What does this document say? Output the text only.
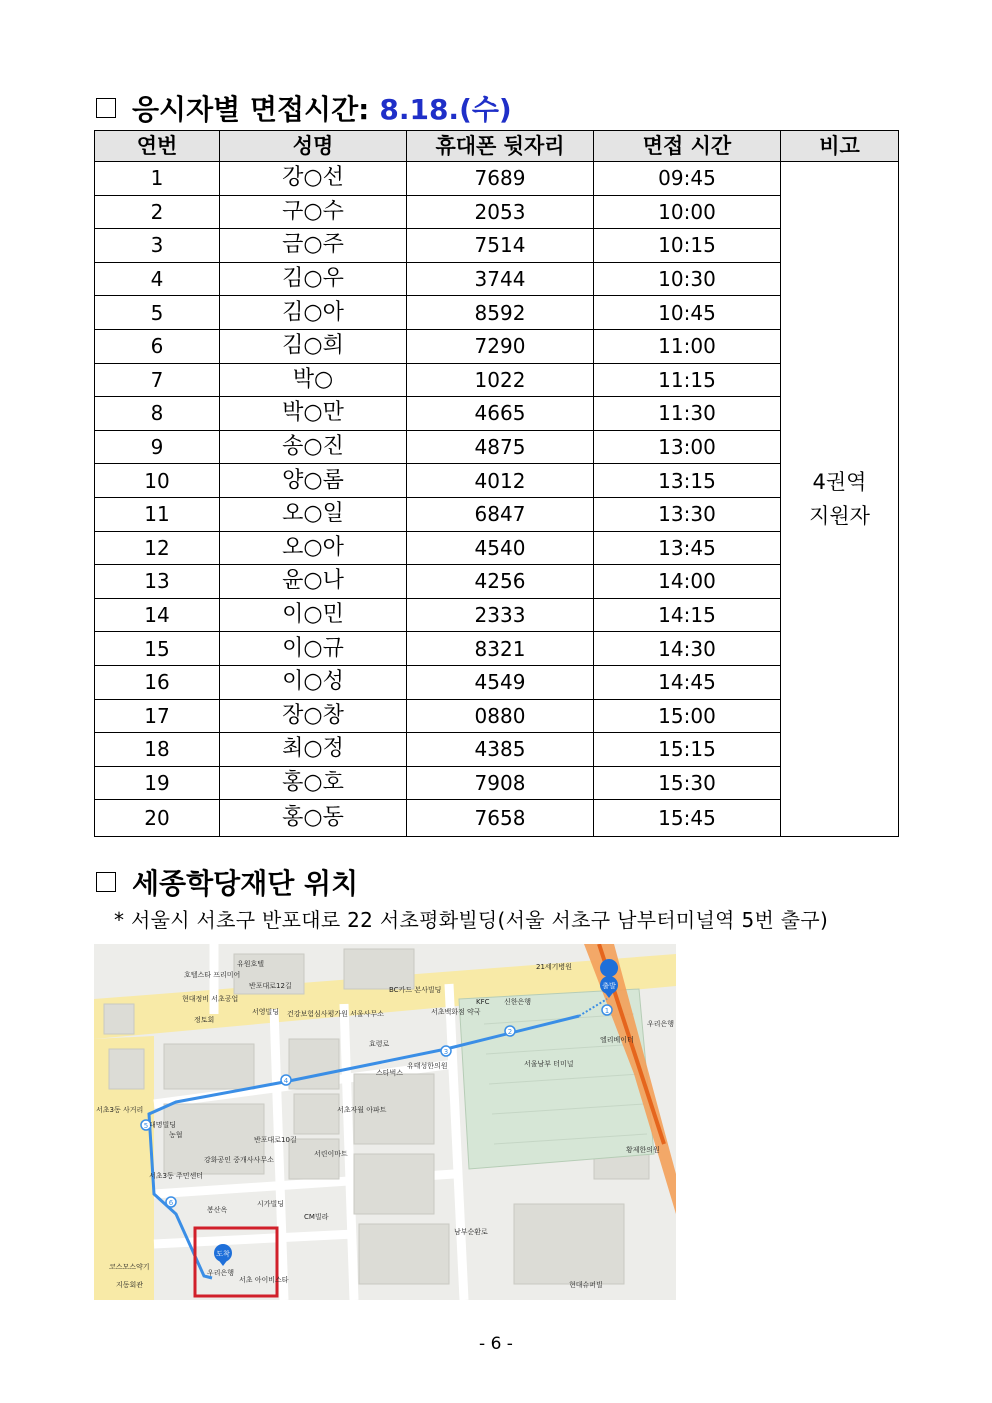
응시자별 면접시간: 8.18.(수)
연번	성명	휴대폰 뒷자리	면접 시간	비고
1	강○선	7689	09:45	4권역
지원자

2	구○수	2053	10:00	
3	금○주	7514	10:15	
4	김○우	3744	10:30	
5	김○아	8592	10:45	
6	김○희	7290	11:00	
7	박○	1022	11:15	
8	박○만	4665	11:30	
9	송○진	4875	13:00	
10	양○롬	4012	13:15	
11	오○일	6847	13:30	
12	오○아	4540	13:45	
13	윤○나	4256	14:00	
14	이○민	2333	14:15	
15	이○규	8321	14:30	
16	이○성	4549	14:45	
17	장○창	0880	15:00	
18	최○정	4385	15:15	
19	홍○호	7908	15:30	
20	홍○동	7658	15:45	
세종학당재단 위치
* 서울시 서초구 반포대로 22 서초평화빌딩(서울 서초구 남부터미널역 5번 출구)
1
2
3
4
5
6
출발
도착
유원호텔
호텔스타 프리미어
현대정비 서초공업
정토회
서영빌딩 건강보험심사평가원 서울사무소
BC카드 본사빌딩
KFC 신한은행
21세기병원
서초백화점 약국
서울남부 터미널
스타벅스
유태성한의원
서초자월 아파트
서린이마트
농협
대명빌딩
강화공인 중개사사무소
서초3동 주민센터
봉산옥
시가빌딩
CM빌라
우리은행
서초 아이비스타
코스모스약기
지동회관
황제한의원
현대슈퍼빌
우리은행
엘리베이터
반포대로10길
반포대로12길
효령로
서초3동 사거리
남부순환로
- 6 -
